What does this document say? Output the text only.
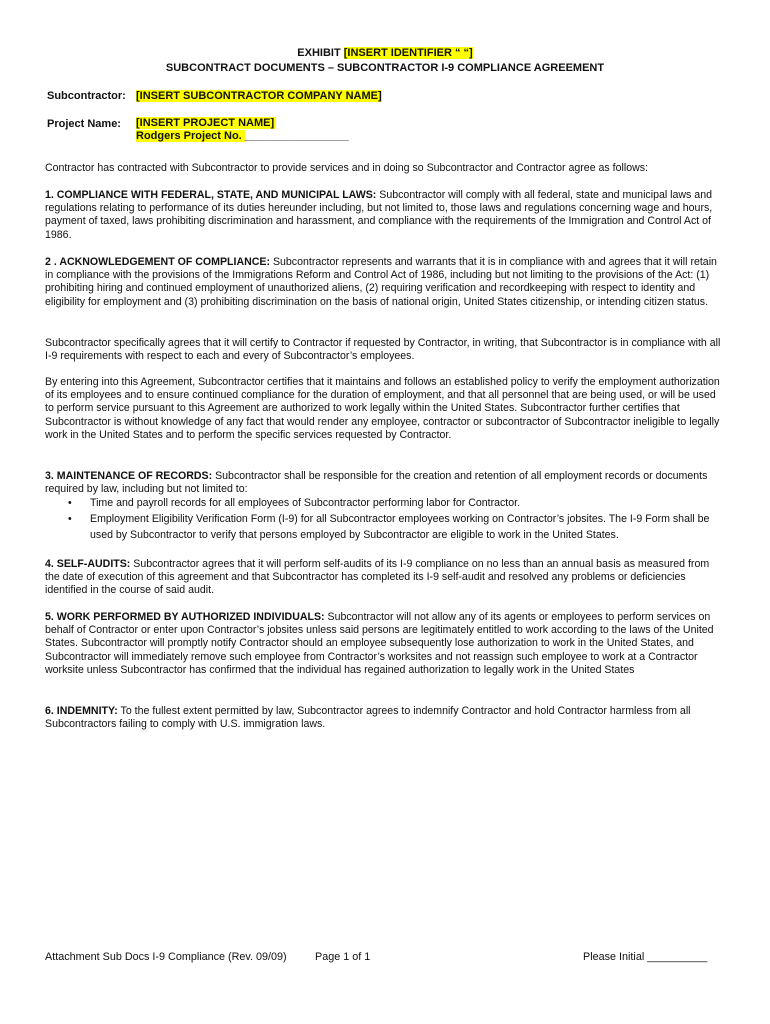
EXHIBIT [INSERT IDENTIFIER “ “]
SUBCONTRACT DOCUMENTS – SUBCONTRACTOR I-9 COMPLIANCE AGREEMENT
Subcontractor: [INSERT SUBCONTRACTOR COMPANY NAME]
Project Name: [INSERT PROJECT NAME]
Rodgers Project No. _________________
Contractor has contracted with Subcontractor to provide services and in doing so Subcontractor and Contractor agree as follows:
1. COMPLIANCE WITH FEDERAL, STATE, AND MUNICIPAL LAWS: Subcontractor will comply with all federal, state and municipal laws and regulations relating to performance of its duties hereunder including, but not limited to, those laws and regulations concerning wage and hours, payment of taxed, laws prohibiting discrimination and harassment, and compliance with the requirements of the Immigration and Control Act of 1986.
2 . ACKNOWLEDGEMENT OF COMPLIANCE: Subcontractor represents and warrants that it is in compliance with and agrees that it will retain in compliance with the provisions of the Immigrations Reform and Control Act of 1986, including but not limiting to the provisions of the Act: (1) prohibiting hiring and continued employment of unauthorized aliens, (2) requiring verification and recordkeeping with respect to identity and eligibility for employment and (3) prohibiting discrimination on the basis of national origin, United States citizenship, or intending citizen status.
Subcontractor specifically agrees that it will certify to Contractor if requested by Contractor, in writing, that Subcontractor is in compliance with all I-9 requirements with respect to each and every of Subcontractor’s employees.
By entering into this Agreement, Subcontractor certifies that it maintains and follows an established policy to verify the employment authorization of its employees and to ensure continued compliance for the duration of employment, and that all personnel that are being used, or will be used to perform service pursuant to this Agreement are authorized to work legally within the United States. Subcontractor further certifies that Subcontractor is without knowledge of any fact that would render any employee, contractor or subcontractor of Subcontractor ineligible to legally work in the United States and to perform the specific services requested by Contractor.
3. MAINTENANCE OF RECORDS: Subcontractor shall be responsible for the creation and retention of all employment records or documents required by law, including but not limited to:
• Time and payroll records for all employees of Subcontractor performing labor for Contractor.
• Employment Eligibility Verification Form (I-9) for all Subcontractor employees working on Contractor’s jobsites. The I-9 Form shall be used by Subcontractor to verify that persons employed by Subcontractor are eligible to work in the United States.
4. SELF-AUDITS: Subcontractor agrees that it will perform self-audits of its I-9 compliance on no less than an annual basis as measured from the date of execution of this agreement and that Subcontractor has completed its I-9 self-audit and resolved any problems or deficiencies identified in the course of said audit.
5. WORK PERFORMED BY AUTHORIZED INDIVIDUALS: Subcontractor will not allow any of its agents or employees to perform services on behalf of Contractor or enter upon Contractor’s jobsites unless said persons are legitimately entitled to work according to the laws of the United States. Subcontractor will promptly notify Contractor should an employee subsequently lose authorization to work in the United States, and Subcontractor will immediately remove such employee from Contractor’s worksites and not reassign such employee to work at a Contractor worksite unless Subcontractor has confirmed that the individual has regained authorization to legally work in the United States
6. INDEMNITY: To the fullest extent permitted by law, Subcontractor agrees to indemnify Contractor and hold Contractor harmless from all Subcontractors failing to comply with U.S. immigration laws.
Attachment Sub Docs I-9 Compliance (Rev. 09/09)	Page 1 of 1	Please Initial __________
